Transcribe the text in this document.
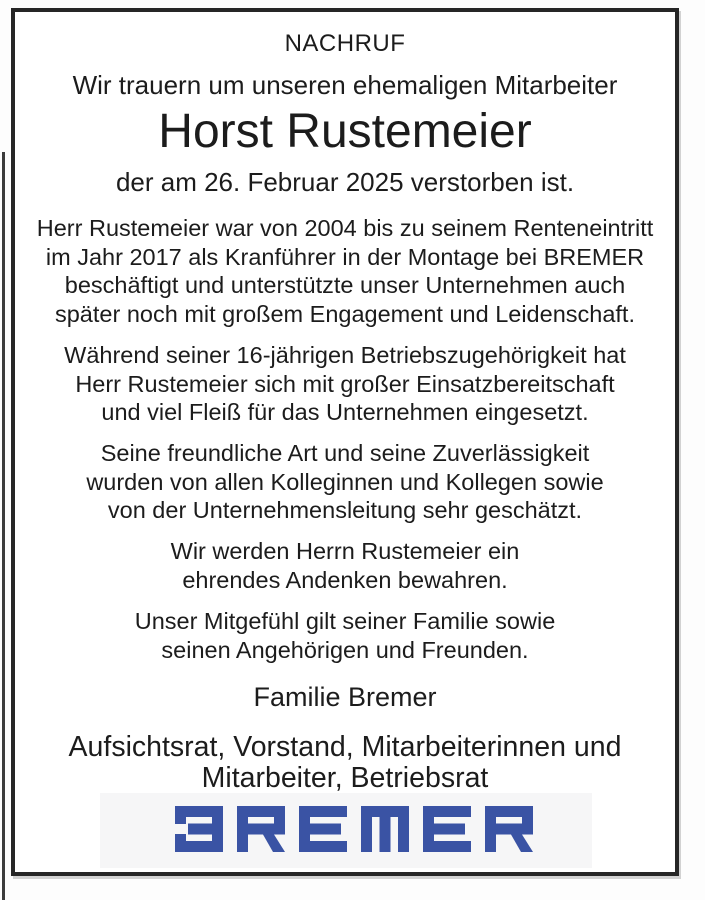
NACHRUF
Wir trauern um unseren ehemaligen Mitarbeiter
Horst Rustemeier
der am 26. Februar 2025 verstorben ist.
Herr Rustemeier war von 2004 bis zu seinem Renteneintritt
im Jahr 2017 als Kranführer in der Montage bei BREMER
beschäftigt und unterstützte unser Unternehmen auch
später noch mit großem Engagement und Leidenschaft.
Während seiner 16-jährigen Betriebszugehörigkeit hat
Herr Rustemeier sich mit großer Einsatzbereitschaft
und viel Fleiß für das Unternehmen eingesetzt.
Seine freundliche Art und seine Zuverlässigkeit
wurden von allen Kolleginnen und Kollegen sowie
von der Unternehmensleitung sehr geschätzt.
Wir werden Herrn Rustemeier ein
ehrendes Andenken bewahren.
Unser Mitgefühl gilt seiner Familie sowie
seinen Angehörigen und Freunden.
Familie Bremer
Aufsichtsrat, Vorstand, Mitarbeiterinnen und
Mitarbeiter, Betriebsrat
